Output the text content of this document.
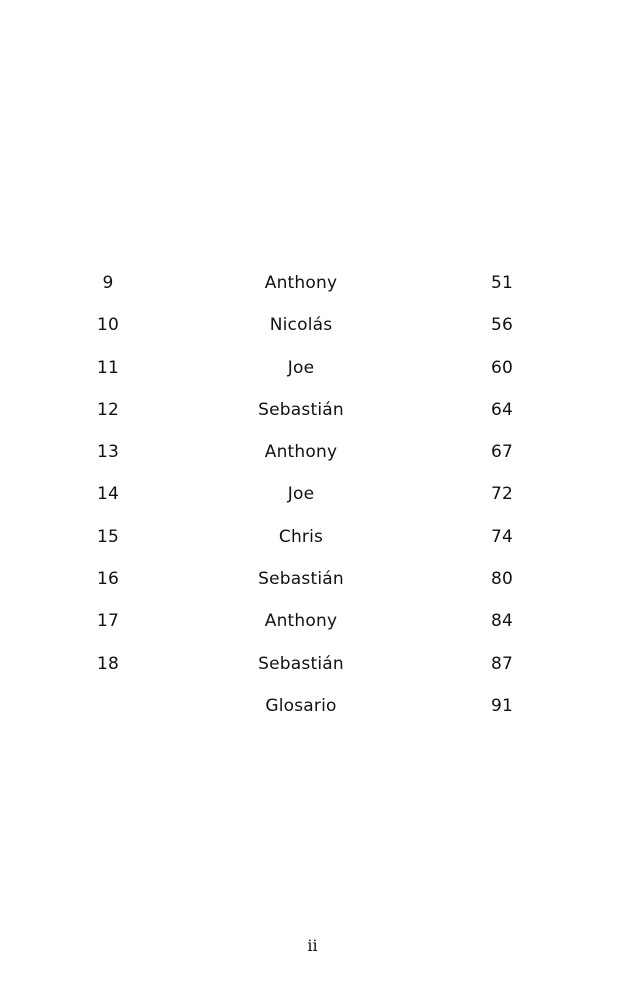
9	Anthony	51
10	Nicolás	56
11	Joe	60
12	Sebastián	64
13	Anthony	67
14	Joe	72
15	Chris	74
16	Sebastián	80
17	Anthony	84
18	Sebastián	87
Glosario	91
ii
